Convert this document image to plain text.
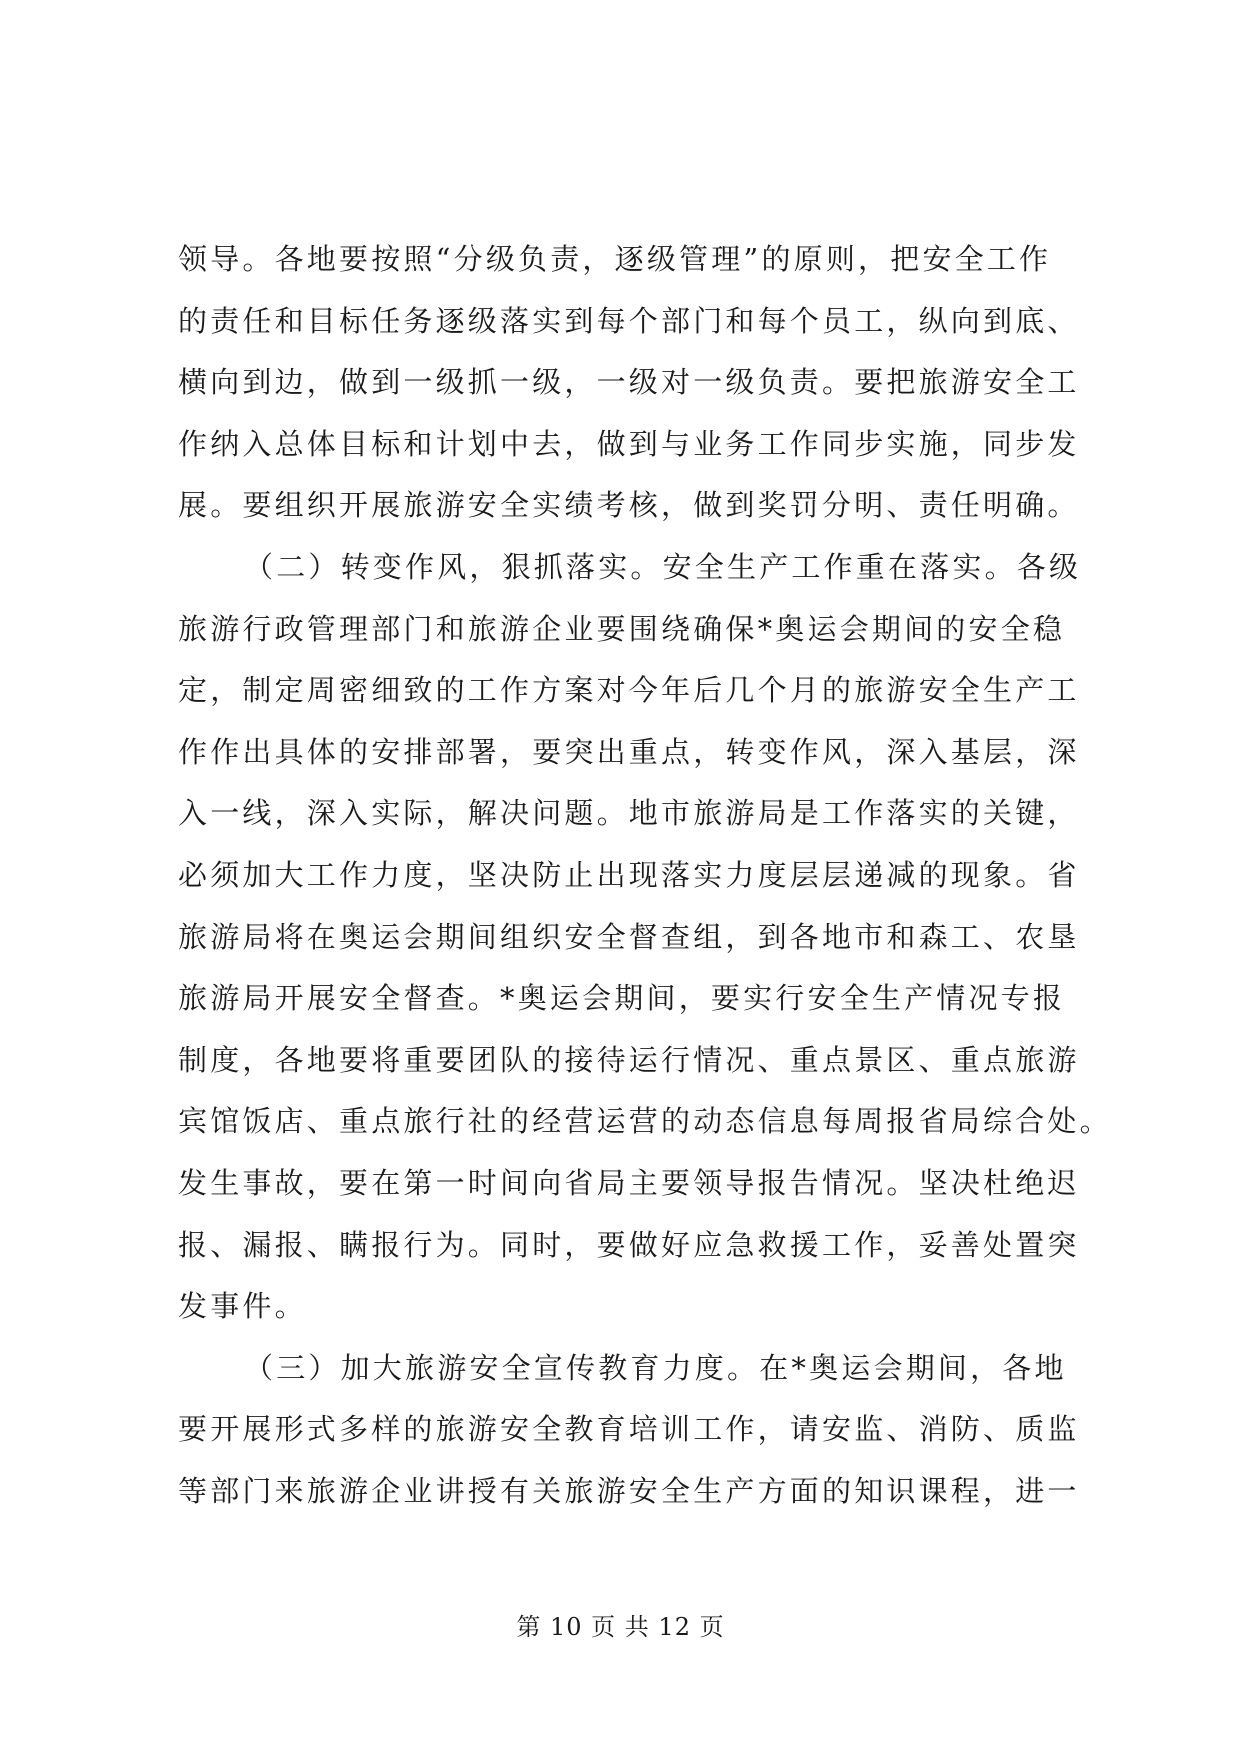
领导。各地要按照“分级负责，逐级管理”的原则，把安全工作
的责任和目标任务逐级落实到每个部门和每个员工，纵向到底、
横向到边，做到一级抓一级，一级对一级负责。要把旅游安全工
作纳入总体目标和计划中去，做到与业务工作同步实施，同步发
展。要组织开展旅游安全实绩考核，做到奖罚分明、责任明确。
（二）转变作风，狠抓落实。安全生产工作重在落实。各级
旅游行政管理部门和旅游企业要围绕确保*奥运会期间的安全稳
定，制定周密细致的工作方案对今年后几个月的旅游安全生产工
作作出具体的安排部署，要突出重点，转变作风，深入基层，深
入一线，深入实际，解决问题。地市旅游局是工作落实的关键，
必须加大工作力度，坚决防止出现落实力度层层递减的现象。省
旅游局将在奥运会期间组织安全督查组，到各地市和森工、农垦
旅游局开展安全督查。*奥运会期间，要实行安全生产情况专报
制度，各地要将重要团队的接待运行情况、重点景区、重点旅游
宾馆饭店、重点旅行社的经营运营的动态信息每周报省局综合处。
发生事故，要在第一时间向省局主要领导报告情况。坚决杜绝迟
报、漏报、瞒报行为。同时，要做好应急救援工作，妥善处置突
发事件。
（三）加大旅游安全宣传教育力度。在*奥运会期间，各地
要开展形式多样的旅游安全教育培训工作，请安监、消防、质监
等部门来旅游企业讲授有关旅游安全生产方面的知识课程，进一
第 10 页 共 12 页
